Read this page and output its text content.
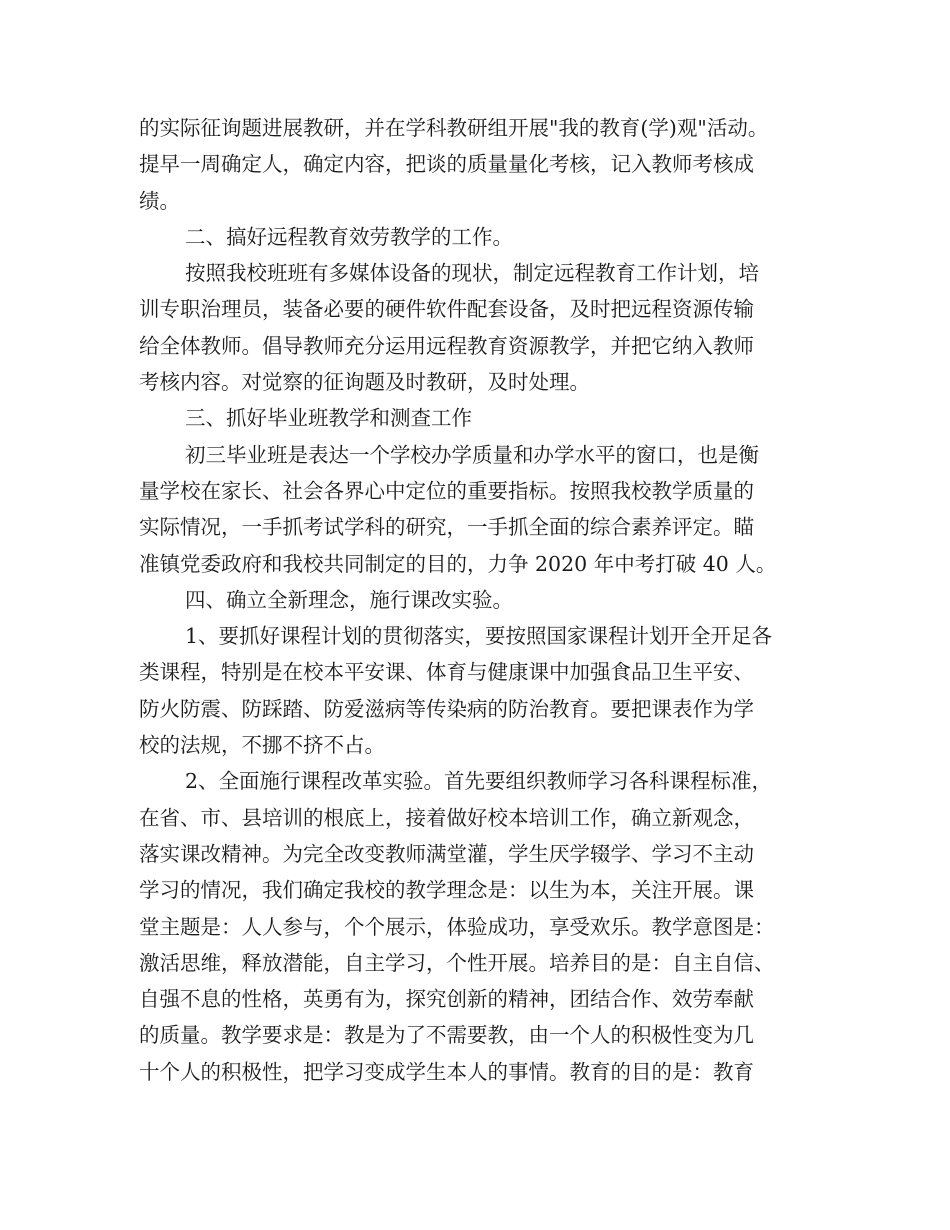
的实际征询题进展教研，并在学科教研组开展"我的教育(学)观"活动。
提早一周确定人，确定内容，把谈的质量量化考核，记入教师考核成
绩。
二、搞好远程教育效劳教学的工作。
按照我校班班有多媒体设备的现状，制定远程教育工作计划，培
训专职治理员，装备必要的硬件软件配套设备，及时把远程资源传输
给全体教师。倡导教师充分运用远程教育资源教学，并把它纳入教师
考核内容。对觉察的征询题及时教研，及时处理。
三、抓好毕业班教学和测查工作
初三毕业班是表达一个学校办学质量和办学水平的窗口，也是衡
量学校在家长、社会各界心中定位的重要指标。按照我校教学质量的
实际情况，一手抓考试学科的研究，一手抓全面的综合素养评定。瞄
准镇党委政府和我校共同制定的目的，力争 2020 年中考打破 40 人。
四、确立全新理念，施行课改实验。
1、要抓好课程计划的贯彻落实，要按照国家课程计划开全开足各
类课程，特别是在校本平安课、体育与健康课中加强食品卫生平安、
防火防震、防踩踏、防爱滋病等传染病的防治教育。要把课表作为学
校的法规，不挪不挤不占。
2、全面施行课程改革实验。首先要组织教师学习各科课程标准，
在省、市、县培训的根底上，接着做好校本培训工作，确立新观念，
落实课改精神。为完全改变教师满堂灌，学生厌学辍学、学习不主动
学习的情况，我们确定我校的教学理念是：以生为本，关注开展。课
堂主题是：人人参与，个个展示，体验成功，享受欢乐。教学意图是：
激活思维，释放潜能，自主学习，个性开展。培养目的是：自主自信、
自强不息的性格，英勇有为，探究创新的精神，团结合作、效劳奉献
的质量。教学要求是：教是为了不需要教，由一个人的积极性变为几
十个人的积极性，把学习变成学生本人的事情。教育的目的是：教育
